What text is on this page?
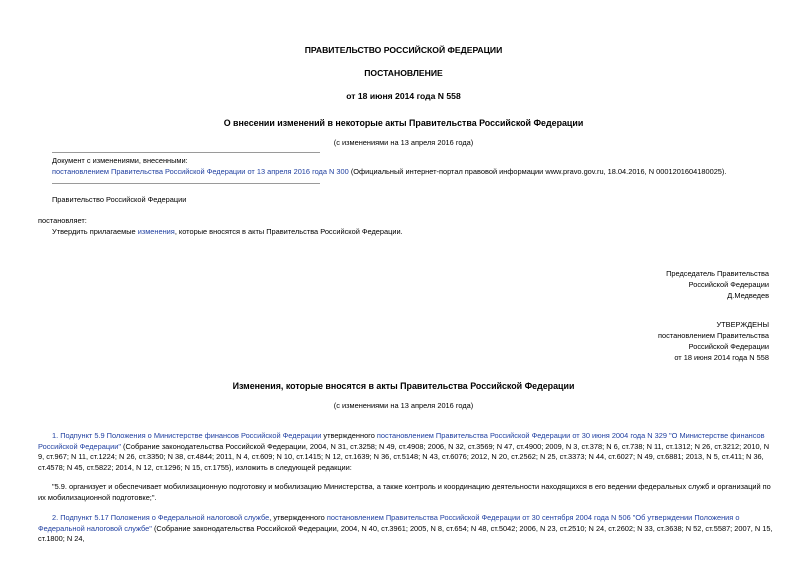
ПРАВИТЕЛЬСТВО РОССИЙСКОЙ ФЕДЕРАЦИИ
ПОСТАНОВЛЕНИЕ
от 18 июня 2014 года N 558
О внесении изменений в некоторые акты Правительства Российской Федерации
(с изменениями на 13 апреля 2016 года)
Документ с изменениями, внесенными:
постановлением Правительства Российской Федерации от 13 апреля 2016 года N 300 (Официальный интернет-портал правовой информации www.pravo.gov.ru, 18.04.2016, N 0001201604180025).
Правительство Российской Федерации
постановляет:
Утвердить прилагаемые изменения, которые вносятся в акты Правительства Российской Федерации.
Председатель Правительства
Российской Федерации
Д.Медведев
УТВЕРЖДЕНЫ
постановлением Правительства
Российской Федерации
от 18 июня 2014 года N 558
Изменения, которые вносятся в акты Правительства Российской Федерации
(с изменениями на 13 апреля 2016 года)
1. Подпункт 5.9 Положения о Министерстве финансов Российской Федерации утвержденного постановлением Правительства Российской Федерации от 30 июня 2004 года N 329 "О Министерстве финансов Российской Федерации" (Собрание законодательства Российской Федерации, 2004, N 31, ст.3258; N 49, ст.4908; 2006, N 32, ст.3569; N 47, ст.4900; 2009, N 3, ст.378; N 6, ст.738; N 11, ст.1312; N 26, ст.3212; 2010, N 9, ст.967; N 11, ст.1224; N 26, ст.3350; N 38, ст.4844; 2011, N 4, ст.609; N 10, ст.1415; N 12, ст.1639; N 36, ст.5148; N 43, ст.6076; 2012, N 20, ст.2562; N 25, ст.3373; N 44, ст.6027; N 49, ст.6881; 2013, N 5, ст.411; N 36, ст.4578; N 45, ст.5822; 2014, N 12, ст.1296; N 15, ст.1755), изложить в следующей редакции:
"5.9. организует и обеспечивает мобилизационную подготовку и мобилизацию Министерства, а также контроль и координацию деятельности находящихся в его ведении федеральных служб и организаций по их мобилизационной подготовке;".
2. Подпункт 5.17 Положения о Федеральной налоговой службе, утвержденного постановлением Правительства Российской Федерации от 30 сентября 2004 года N 506 "Об утверждении Положения о Федеральной налоговой службе" (Собрание законодательства Российской Федерации, 2004, N 40, ст.3961; 2005, N 8, ст.654; N 48, ст.5042; 2006, N 23, ст.2510; N 24, ст.2602; N 33, ст.3638; N 52, ст.5587; 2007, N 15, ст.1800; N 24,
